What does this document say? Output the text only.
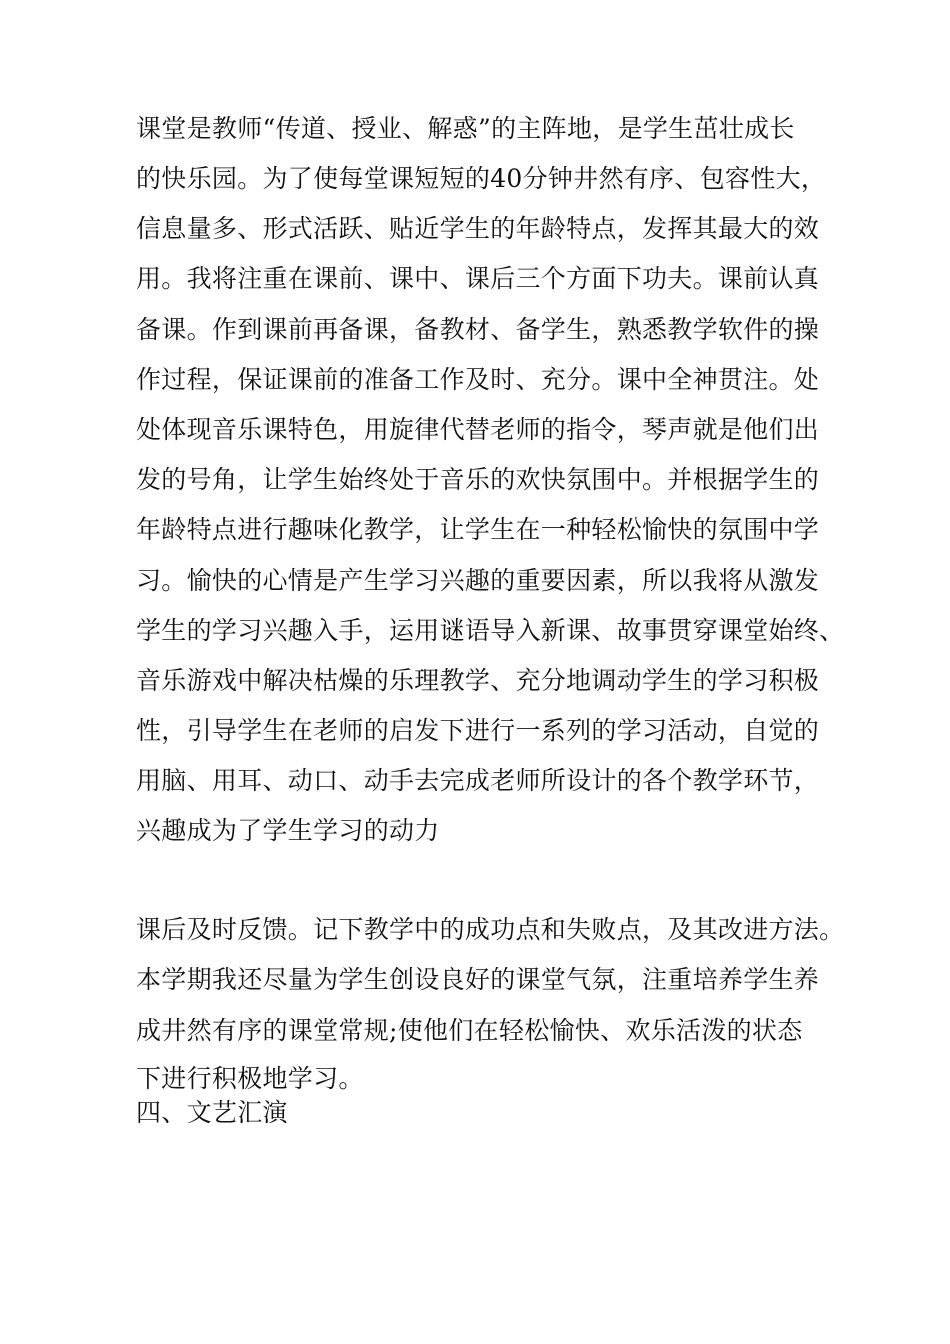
课堂是教师“传道、授业、解惑”的主阵地，是学生茁壮成长
的快乐园。为了使每堂课短短的40分钟井然有序、包容性大，
信息量多、形式活跃、贴近学生的年龄特点，发挥其最大的效
用。我将注重在课前、课中、课后三个方面下功夫。课前认真
备课。作到课前再备课，备教材、备学生，熟悉教学软件的操
作过程，保证课前的准备工作及时、充分。课中全神贯注。处
处体现音乐课特色，用旋律代替老师的指令，琴声就是他们出
发的号角，让学生始终处于音乐的欢快氛围中。并根据学生的
年龄特点进行趣味化教学，让学生在一种轻松愉快的氛围中学
习。愉快的心情是产生学习兴趣的重要因素，所以我将从激发
学生的学习兴趣入手，运用谜语导入新课、故事贯穿课堂始终、
音乐游戏中解决枯燥的乐理教学、充分地调动学生的学习积极
性，引导学生在老师的启发下进行一系列的学习活动，自觉的
用脑、用耳、动口、动手去完成老师所设计的各个教学环节，
兴趣成为了学生学习的动力
课后及时反馈。记下教学中的成功点和失败点，及其改进方法。
本学期我还尽量为学生创设良好的课堂气氛，注重培养学生养
成井然有序的课堂常规;使他们在轻松愉快、欢乐活泼的状态
下进行积极地学习。
四、文艺汇演
